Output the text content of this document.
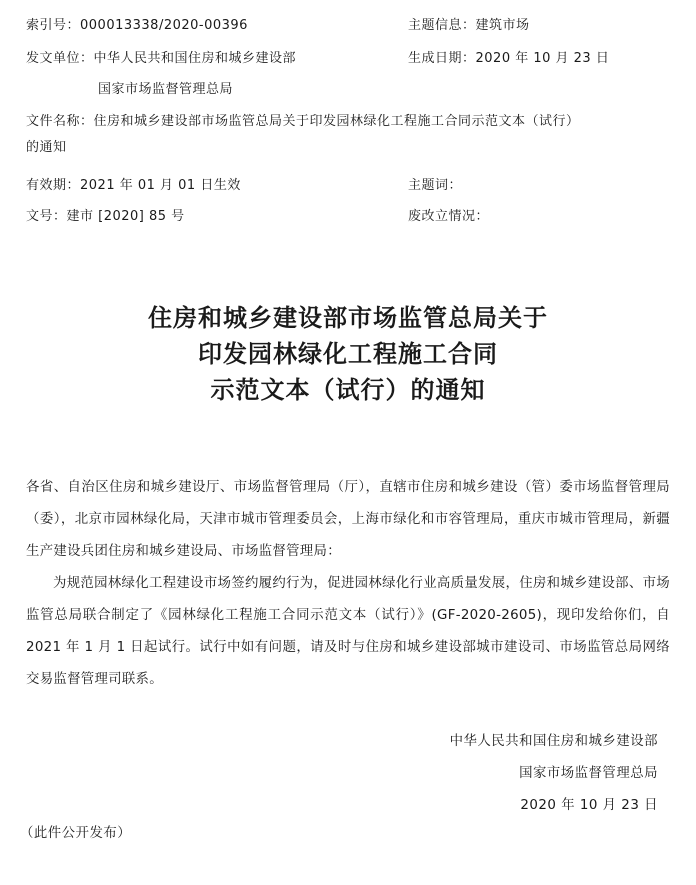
索引号：000013338/2020-00396	主题信息：建筑市场
发文单位：中华人民共和国住房和城乡建设部	生成日期：2020 年 10 月 23 日
国家市场监督管理总局
文件名称：住房和城乡建设部市场监管总局关于印发园林绿化工程施工合同示范文本（试行）
的通知
有效期：2021 年 01 月 01 日生效	主题词：
文号：建市 [2020] 85 号	废改立情况：
住房和城乡建设部市场监管总局关于
印发园林绿化工程施工合同
示范文本（试行）的通知

各省、自治区住房和城乡建设厅、市场监督管理局（厅），直辖市住房和城乡建设（管）委市场监督管理局（委），北京市园林绿化局，天津市城市管理委员会，上海市绿化和市容管理局，重庆市城市管理局，新疆生产建设兵团住房和城乡建设局、市场监督管理局：

为规范园林绿化工程建设市场签约履约行为，促进园林绿化行业高质量发展，住房和城乡建设部、市场监管总局联合制定了《园林绿化工程施工合同示范文本（试行）》(GF-2020-2605)，现印发给你们，自 2021 年 1 月 1 日起试行。试行中如有问题，请及时与住房和城乡建设部城市建设司、市场监管总局网络交易监督管理司联系。

中华人民共和国住房和城乡建设部
国家市场监督管理总局
2020 年 10 月 23 日
（此件公开发布）
